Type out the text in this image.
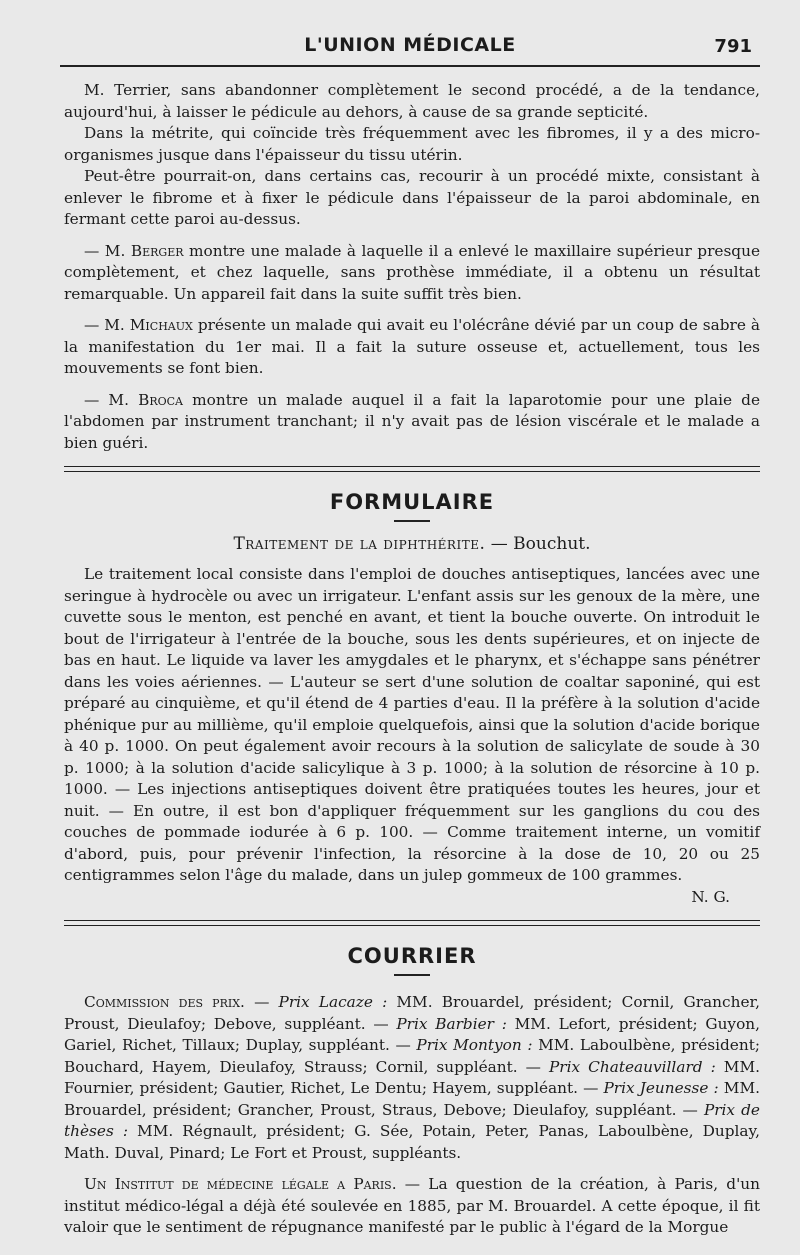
L'UNION MÉDICALE	791

M. Terrier, sans abandonner complètement le second procédé, a de la tendance, aujourd'hui, à laisser le pédicule au dehors, à cause de sa grande septicité.

Dans la métrite, qui coïncide très fréquemment avec les fibromes, il y a des micro-organismes jusque dans l'épaisseur du tissu utérin.

Peut-être pourrait-on, dans certains cas, recourir à un procédé mixte, consistant à enlever le fibrome et à fixer le pédicule dans l'épaisseur de la paroi abdominale, en fermant cette paroi au-dessus.

— M. Berger montre une malade à laquelle il a enlevé le maxillaire supérieur presque complètement, et chez laquelle, sans prothèse immédiate, il a obtenu un résultat remarquable. Un appareil fait dans la suite suffit très bien.

— M. Michaux présente un malade qui avait eu l'olécrâne dévié par un coup de sabre à la manifestation du 1er mai. Il a fait la suture osseuse et, actuellement, tous les mouvements se font bien.

— M. Broca montre un malade auquel il a fait la laparotomie pour une plaie de l'abdomen par instrument tranchant; il n'y avait pas de lésion viscérale et le malade a bien guéri.

FORMULAIRE
Traitement de la diphthérite. — Bouchut.

Le traitement local consiste dans l'emploi de douches antiseptiques, lancées avec une seringue à hydrocèle ou avec un irrigateur. L'enfant assis sur les genoux de la mère, une cuvette sous le menton, est penché en avant, et tient la bouche ouverte. On introduit le bout de l'irrigateur à l'entrée de la bouche, sous les dents supérieures, et on injecte de bas en haut. Le liquide va laver les amygdales et le pharynx, et s'échappe sans pénétrer dans les voies aériennes. — L'auteur se sert d'une solution de coaltar saponiné, qui est préparé au cinquième, et qu'il étend de 4 parties d'eau. Il la préfère à la solution d'acide phénique pur au millième, qu'il emploie quelquefois, ainsi que la solution d'acide borique à 40 p. 1000. On peut également avoir recours à la solution de salicylate de soude à 30 p. 1000; à la solution d'acide salicylique à 3 p. 1000; à la solution de résorcine à 10 p. 1000. — Les injections antiseptiques doivent être pratiquées toutes les heures, jour et nuit. — En outre, il est bon d'appliquer fréquemment sur les ganglions du cou des couches de pommade iodurée à 6 p. 100. — Comme traitement interne, un vomitif d'abord, puis, pour prévenir l'infection, la résorcine à la dose de 10, 20 ou 25 centigrammes selon l'âge du malade, dans un julep gommeux de 100 grammes.

N. G.

COURRIER

Commission des prix. — Prix Lacaze : MM. Brouardel, président; Cornil, Grancher, Proust, Dieulafoy; Debove, suppléant. — Prix Barbier : MM. Lefort, président; Guyon, Gariel, Richet, Tillaux; Duplay, suppléant. — Prix Montyon : MM. Laboulbène, président; Bouchard, Hayem, Dieulafoy, Strauss; Cornil, suppléant. — Prix Chateauvillard : MM. Fournier, président; Gautier, Richet, Le Dentu; Hayem, suppléant. — Prix Jeunesse : MM. Brouardel, président; Grancher, Proust, Straus, Debove; Dieulafoy, suppléant. — Prix de thèses : MM. Régnault, président; G. Sée, Potain, Peter, Panas, Laboulbène, Duplay, Math. Duval, Pinard; Le Fort et Proust, suppléants.

Un Institut de médecine légale a Paris. — La question de la création, à Paris, d'un institut médico-légal a déjà été soulevée en 1885, par M. Brouardel. A cette époque, il fit valoir que le sentiment de répugnance manifesté par le public à l'égard de la Morgue
